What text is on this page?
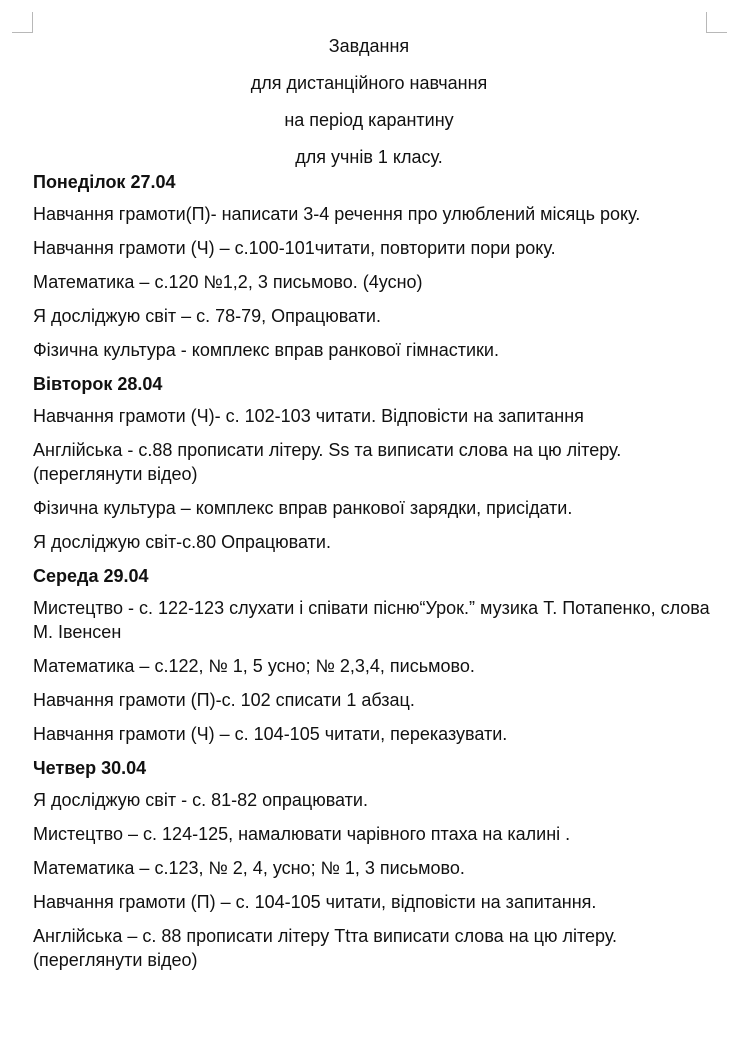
Завдання
для дистанційного навчання
на період карантину
для учнів 1 класу.
Понеділок 27.04
Навчання грамоти(П)- написати 3-4 речення про улюблений місяць року.
Навчання грамоти (Ч) – с.100-101читати, повторити пори року.
Математика – с.120 №1,2, 3 письмово. (4усно)
Я досліджую світ – с. 78-79, Опрацювати.
Фізична культура - комплекс вправ ранкової гімнастики.
Вівторок 28.04
Навчання грамоти (Ч)- с. 102-103 читати. Відповісти на запитання
Англійська - с.88 прописати літеру. Ss та виписати слова на цю літеру.(переглянути відео)
Фізична культура – комплекс вправ ранкової зарядки, присідати.
Я досліджую світ-с.80 Опрацювати.
Середа 29.04
Мистецтво - с. 122-123 слухати і співати пісню“Урок.” музика Т. Потапенко, слова М. Івенсен
Математика – с.122, № 1, 5 усно; № 2,3,4, письмово.
Навчання грамоти (П)-с. 102 списати 1 абзац.
Навчання грамоти (Ч) – с. 104-105 читати, переказувати.
Четвер 30.04
Я досліджую світ - с. 81-82 опрацювати.
Мистецтво – с. 124-125, намалювати чарівного птаха на калині .
Математика – с.123, № 2, 4, усно; № 1, 3 письмово.
Навчання грамоти (П) – с. 104-105 читати, відповісти на запитання.
Англійська – с. 88 прописати літеру Тtта виписати слова на цю літеру.(переглянути відео)
